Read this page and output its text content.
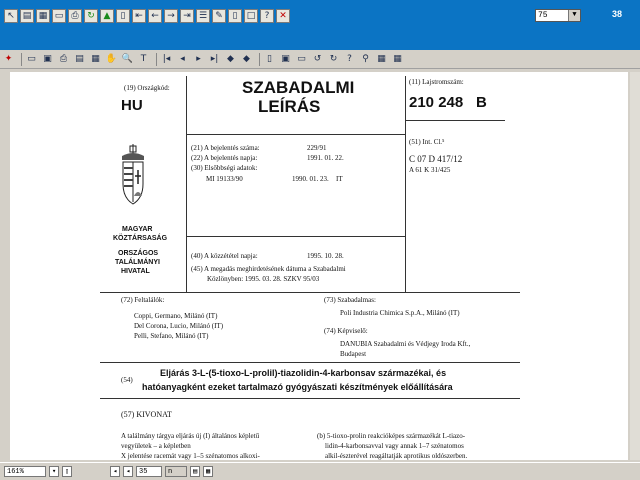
↖ ▤ ▦ ▭ ⎙ ↻ ▲	▯	⇤ ← → ⇥ ☰ ✎	▯	□	?	✕	75	▼	38
✦	▭ ▣ ⎙ ▤ ▦ ✋ 🔍 T	|◂	◂	▸	▸| ◆	◆	▯	▣ ▭ ↺ ↻	?	⚲ ▦ ▦
(19) Országkód:
HU
SZABADALMI
LEÍRÁS
(11) Lajstromszám:
210 248 B
(21) A bejelentés száma:	229/91
(22) A bejelentés napja:	1991. 01. 22.
(30) Elsőbbségi adatok:
MI 19133/90	1990. 01. 23. IT
(51) Int. Cl.⁵
C 07 D 417/12
A 61 K 31/425
MAGYAR
KÖZTÁRSASÁG
ORSZÁGOS
TALÁLMÁNYI
HIVATAL
(40) A közzététel napja:	1995. 10. 28.
(45) A megadás meghirdetésének dátuma a Szabadalmi
Közlönyben: 1995. 03. 28. SZKV 95/03
(72) Feltalálók:
Coppi, Germano, Milánó (IT)
Del Corona, Lucio, Milánó (IT)
Pelli, Stefano, Milánó (IT)
(73) Szabadalmas:
Poli Industria Chimica S.p.A., Milánó (IT)
(74) Képviselő:
DANUBIA Szabadalmi és Védjegy Iroda Kft.,
Budapest
(54)
Eljárás 3-L-(5-tioxo-L-prolil)-tiazolidin-4-karbonsav származékai, és
hatóanyagként ezeket tartalmazó gyógyászati készítmények előállítására
(57) KIVONAT
A találmány tárgya eljárás új (I) általános képletű
vegyületek – a képletben
X jelentése racemát vagy 1–5 szénatomos alkoxi-
(b) 5-tioxo-prolin reakcióképes származékát L-tiazo-
lidin-4-karbonsavval vagy annak 1–7 szénatomos
alkil-észterével reagáltatják aprotikus oldószerben.
161%	▾	▯	◂	◂	35	n	▤	▦
